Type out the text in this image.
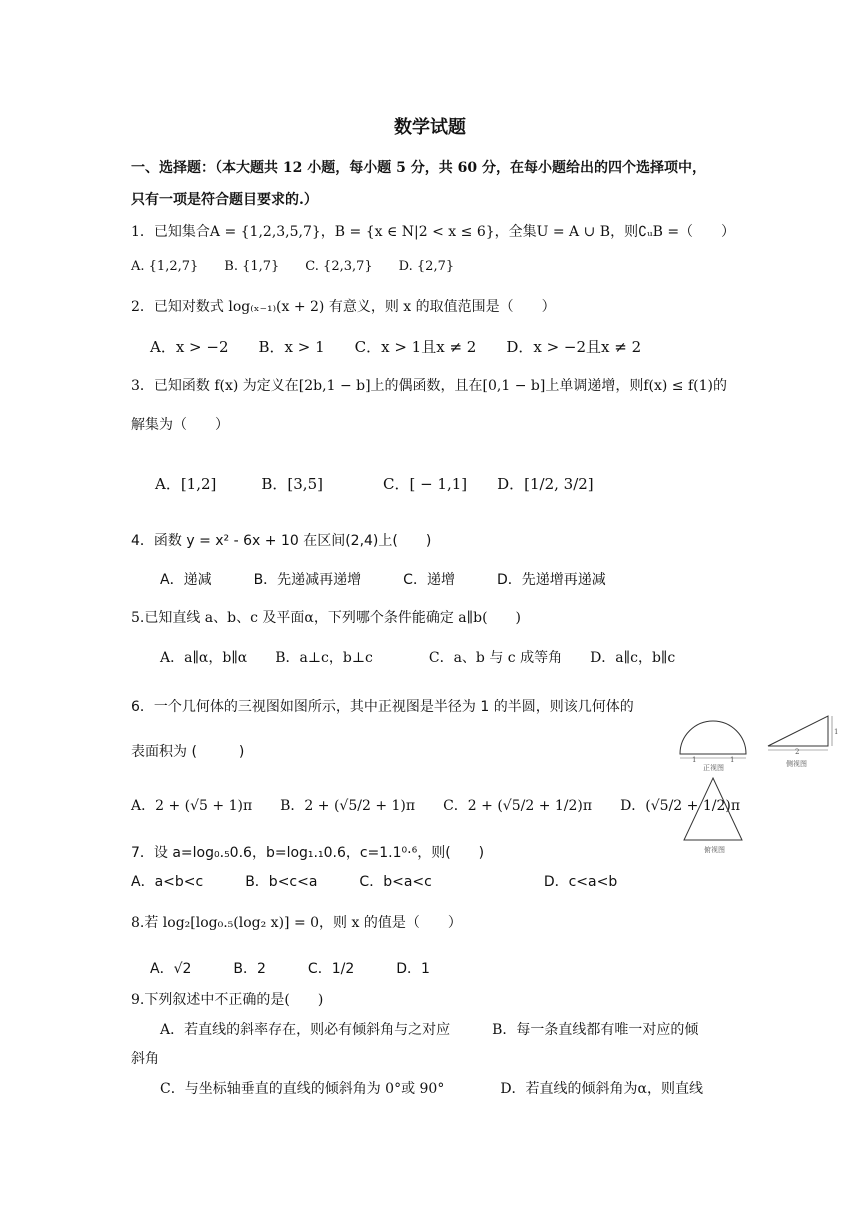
数学试题
一、选择题：（本大题共 12 小题，每小题 5 分，共 60 分，在每小题给出的四个选择项中，
只有一项是符合题目要求的.）
1．已知集合A = {1,2,3,5,7}，B = {x ∈ N|2 < x ≤ 6}，全集U = A ∪ B，则∁ᵤB =（　　）
A. {1,2,7}　　B. {1,7}　　C. {2,3,7}　　D. {2,7}
2．已知对数式 log₍ₓ₋₁₎(x + 2) 有意义，则 x 的取值范围是（　　）
A．x > −2　　B．x > 1　　C．x > 1且x ≠ 2　　D．x > −2且x ≠ 2
3．已知函数 f(x) 为定义在[2b,1 − b]上的偶函数，且在[0,1 − b]上单调递增，则f(x) ≤ f(1)的
解集为（　　）
A．[1,2]　　　B．[3,5]　　　　C．[ − 1,1]　　D．[1/2, 3/2]
4．函数 y = x² - 6x + 10 在区间(2,4)上(　　)
A．递减　　　B．先递减再递增　　　C．递增　　　D．先递增再递减
5.已知直线 a、b、c 及平面α，下列哪个条件能确定 a∥b(　　)
A．a∥α，b∥α　　B．a⊥c，b⊥c　　　　C．a、b 与 c 成等角　　D．a∥c，b∥c
6．一个几何体的三视图如图所示，其中正视图是半径为 1 的半圆，则该几何体的
表面积为 (　　　)
A．2 + (√5 + 1)π　　B．2 + (√5/2 + 1)π　　C．2 + (√5/2 + 1/2)π　　D．(√5/2 + 1/2)π
1	1
正视图
2
1
侧视图
俯视图
7．设 a=log₀.₅0.6，b=log₁.₁0.6，c=1.1⁰·⁶，则(　　)
A．a<b<c　　　B．b<c<a　　　C．b<a<c　　　　　　　　D．c<a<b
8.若 log₂[log₀.₅(log₂ x)] = 0，则 x 的值是（　　）
A．√2　　　B．2　　　C．1/2　　　D．1
9.下列叙述中不正确的是(　　)
A．若直线的斜率存在，则必有倾斜角与之对应　　　B．每一条直线都有唯一对应的倾
斜角
C．与坐标轴垂直的直线的倾斜角为 0°或 90°　　　　D．若直线的倾斜角为α，则直线
